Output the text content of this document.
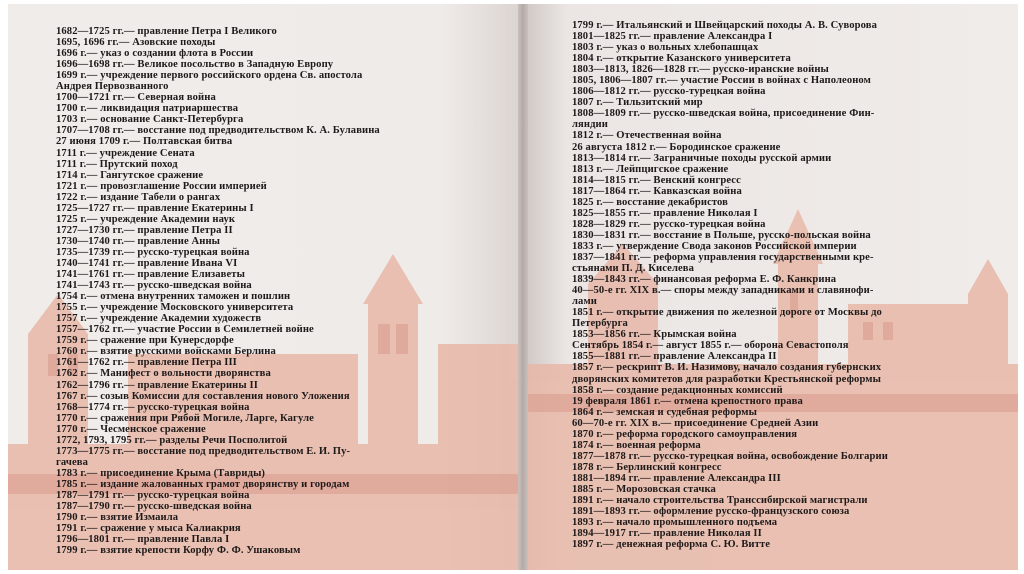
1682—1725 гг.— правление Петра I Великого
1695, 1696 гг.— Азовские походы
1696 г.— указ о создании флота в России
1696—1698 гг.— Великое посольство в Западную Европу
1699 г.— учреждение первого российского ордена Св. апостола
Андрея Первозванного
1700—1721 гг.— Северная война
1700 г.— ликвидация патриаршества
1703 г.— основание Санкт-Петербурга
1707—1708 гг.— восстание под предводительством К. А. Булавина
27 июня 1709 г.— Полтавская битва
1711 г.— учреждение Сената
1711 г.— Прутский поход
1714 г.— Гангутское сражение
1721 г.— провозглашение России империей
1722 г.— издание Табели о рангах
1725—1727 гг.— правление Екатерины I
1725 г.— учреждение Академии наук
1727—1730 гг.— правление Петра II
1730—1740 гг.— правление Анны
1735—1739 гг.— русско-турецкая война
1740—1741 гг.— правление Ивана VI
1741—1761 гг.— правление Елизаветы
1741—1743 гг.— русско-шведская война
1754 г.— отмена внутренних таможен и пошлин
1755 г.— учреждение Московского университета
1757 г.— учреждение Академии художеств
1757—1762 гг.— участие России в Семилетней войне
1759 г.— сражение при Кунерсдорфе
1760 г.— взятие русскими войсками Берлина
1761—1762 гг.— правление Петра III
1762 г.— Манифест о вольности дворянства
1762—1796 гг.— правление Екатерины II
1767 г.— созыв Комиссии для составления нового Уложения
1768—1774 гг.— русско-турецкая война
1770 г.— сражения при Рябой Могиле, Ларге, Кагуле
1770 г.— Чесменское сражение
1772, 1793, 1795 гг.— разделы Речи Посполитой
1773—1775 гг.— восстание под предводительством Е. И. Пу-
гачева
1783 г.— присоединение Крыма (Тавриды)
1785 г.— издание жалованных грамот дворянству и городам
1787—1791 гг.— русско-турецкая война
1787—1790 гг.— русско-шведская война
1790 г.— взятие Измаила
1791 г.— сражение у мыса Калиакрия
1796—1801 гг.— правление Павла I
1799 г.— взятие крепости Корфу Ф. Ф. Ушаковым
1799 г.— Итальянский и Швейцарский походы А. В. Суворова
1801—1825 гг.— правление Александра I
1803 г.— указ о вольных хлебопашцах
1804 г.— открытие Казанского университета
1803—1813, 1826—1828 гг.— русско-иранские войны
1805, 1806—1807 гг.— участие России в войнах с Наполеоном
1806—1812 гг.— русско-турецкая война
1807 г.— Тильзитский мир
1808—1809 гг.— русско-шведская война, присоединение Фин-
ляндии
1812 г.— Отечественная война
26 августа 1812 г.— Бородинское сражение
1813—1814 гг.— Заграничные походы русской армии
1813 г.— Лейпцигское сражение
1814—1815 гг.— Венский конгресс
1817—1864 гг.— Кавказская война
1825 г.— восстание декабристов
1825—1855 гг.— правление Николая I
1828—1829 гг.— русско-турецкая война
1830—1831 гг.— восстание в Польше, русско-польская война
1833 г.— утверждение Свода законов Российской империи
1837—1841 гг.— реформа управления государственными кре-
стьянами П. Д. Киселева
1839—1843 гг.— финансовая реформа Е. Ф. Канкрина
40—50-е гг. XIX в.— споры между западниками и славянофи-
лами
1851 г.— открытие движения по железной дороге от Москвы до
Петербурга
1853—1856 гг.— Крымская война
Сентябрь 1854 г.— август 1855 г.— оборона Севастополя
1855—1881 гг.— правление Александра II
1857 г.— рескрипт В. И. Назимову, начало создания губернских
дворянских комитетов для разработки Крестьянской реформы
1858 г.— создание редакционных комиссий
19 февраля 1861 г.— отмена крепостного права
1864 г.— земская и судебная реформы
60—70-е гг. XIX в.— присоединение Средней Азии
1870 г.— реформа городского самоуправления
1874 г.— военная реформа
1877—1878 гг.— русско-турецкая война, освобождение Болгарии
1878 г.— Берлинский конгресс
1881—1894 гг.— правление Александра III
1885 г.— Морозовская стачка
1891 г.— начало строительства Транссибирской магистрали
1891—1893 гг.— оформление русско-французского союза
1893 г.— начало промышленного подъема
1894—1917 гг.— правление Николая II
1897 г.— денежная реформа С. Ю. Витте
